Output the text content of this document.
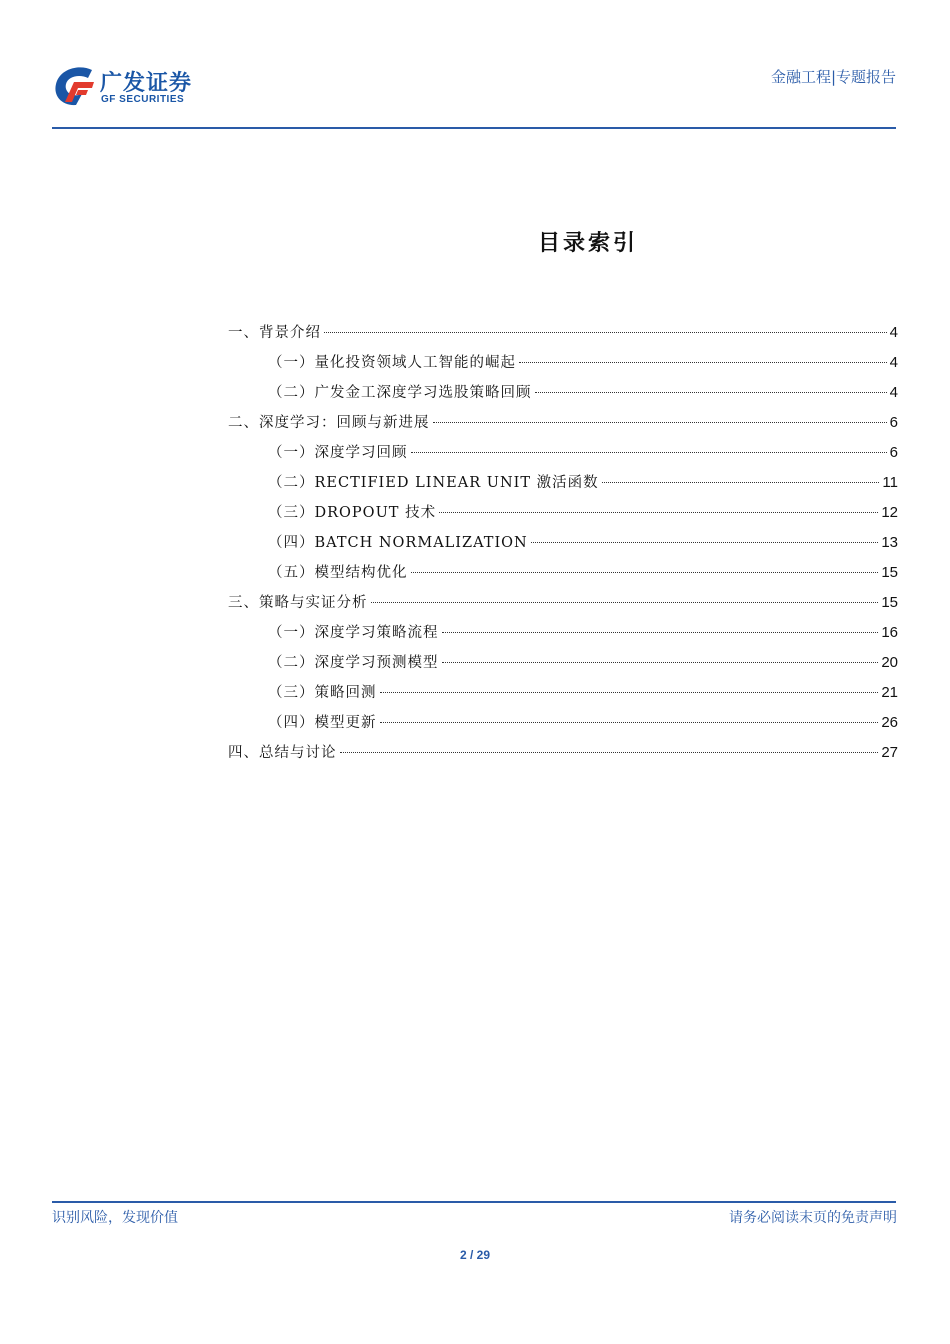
广发证券
GF SECURITIES
金融工程|专题报告
目录索引
一、背景介绍	4
（一）量化投资领域人工智能的崛起	4
（二）广发金工深度学习选股策略回顾	4
二、深度学习：回顾与新进展	6
（一）深度学习回顾	6
（二）RECTIFIED LINEAR UNIT 激活函数	11
（三）DROPOUT 技术	12
（四）BATCH NORMALIZATION	13
（五）模型结构优化	15
三、策略与实证分析	15
（一）深度学习策略流程	16
（二）深度学习预测模型	20
（三）策略回测	21
（四）模型更新	26
四、总结与讨论	27
识别风险，发现价值	请务必阅读末页的免责声明
2 / 29
